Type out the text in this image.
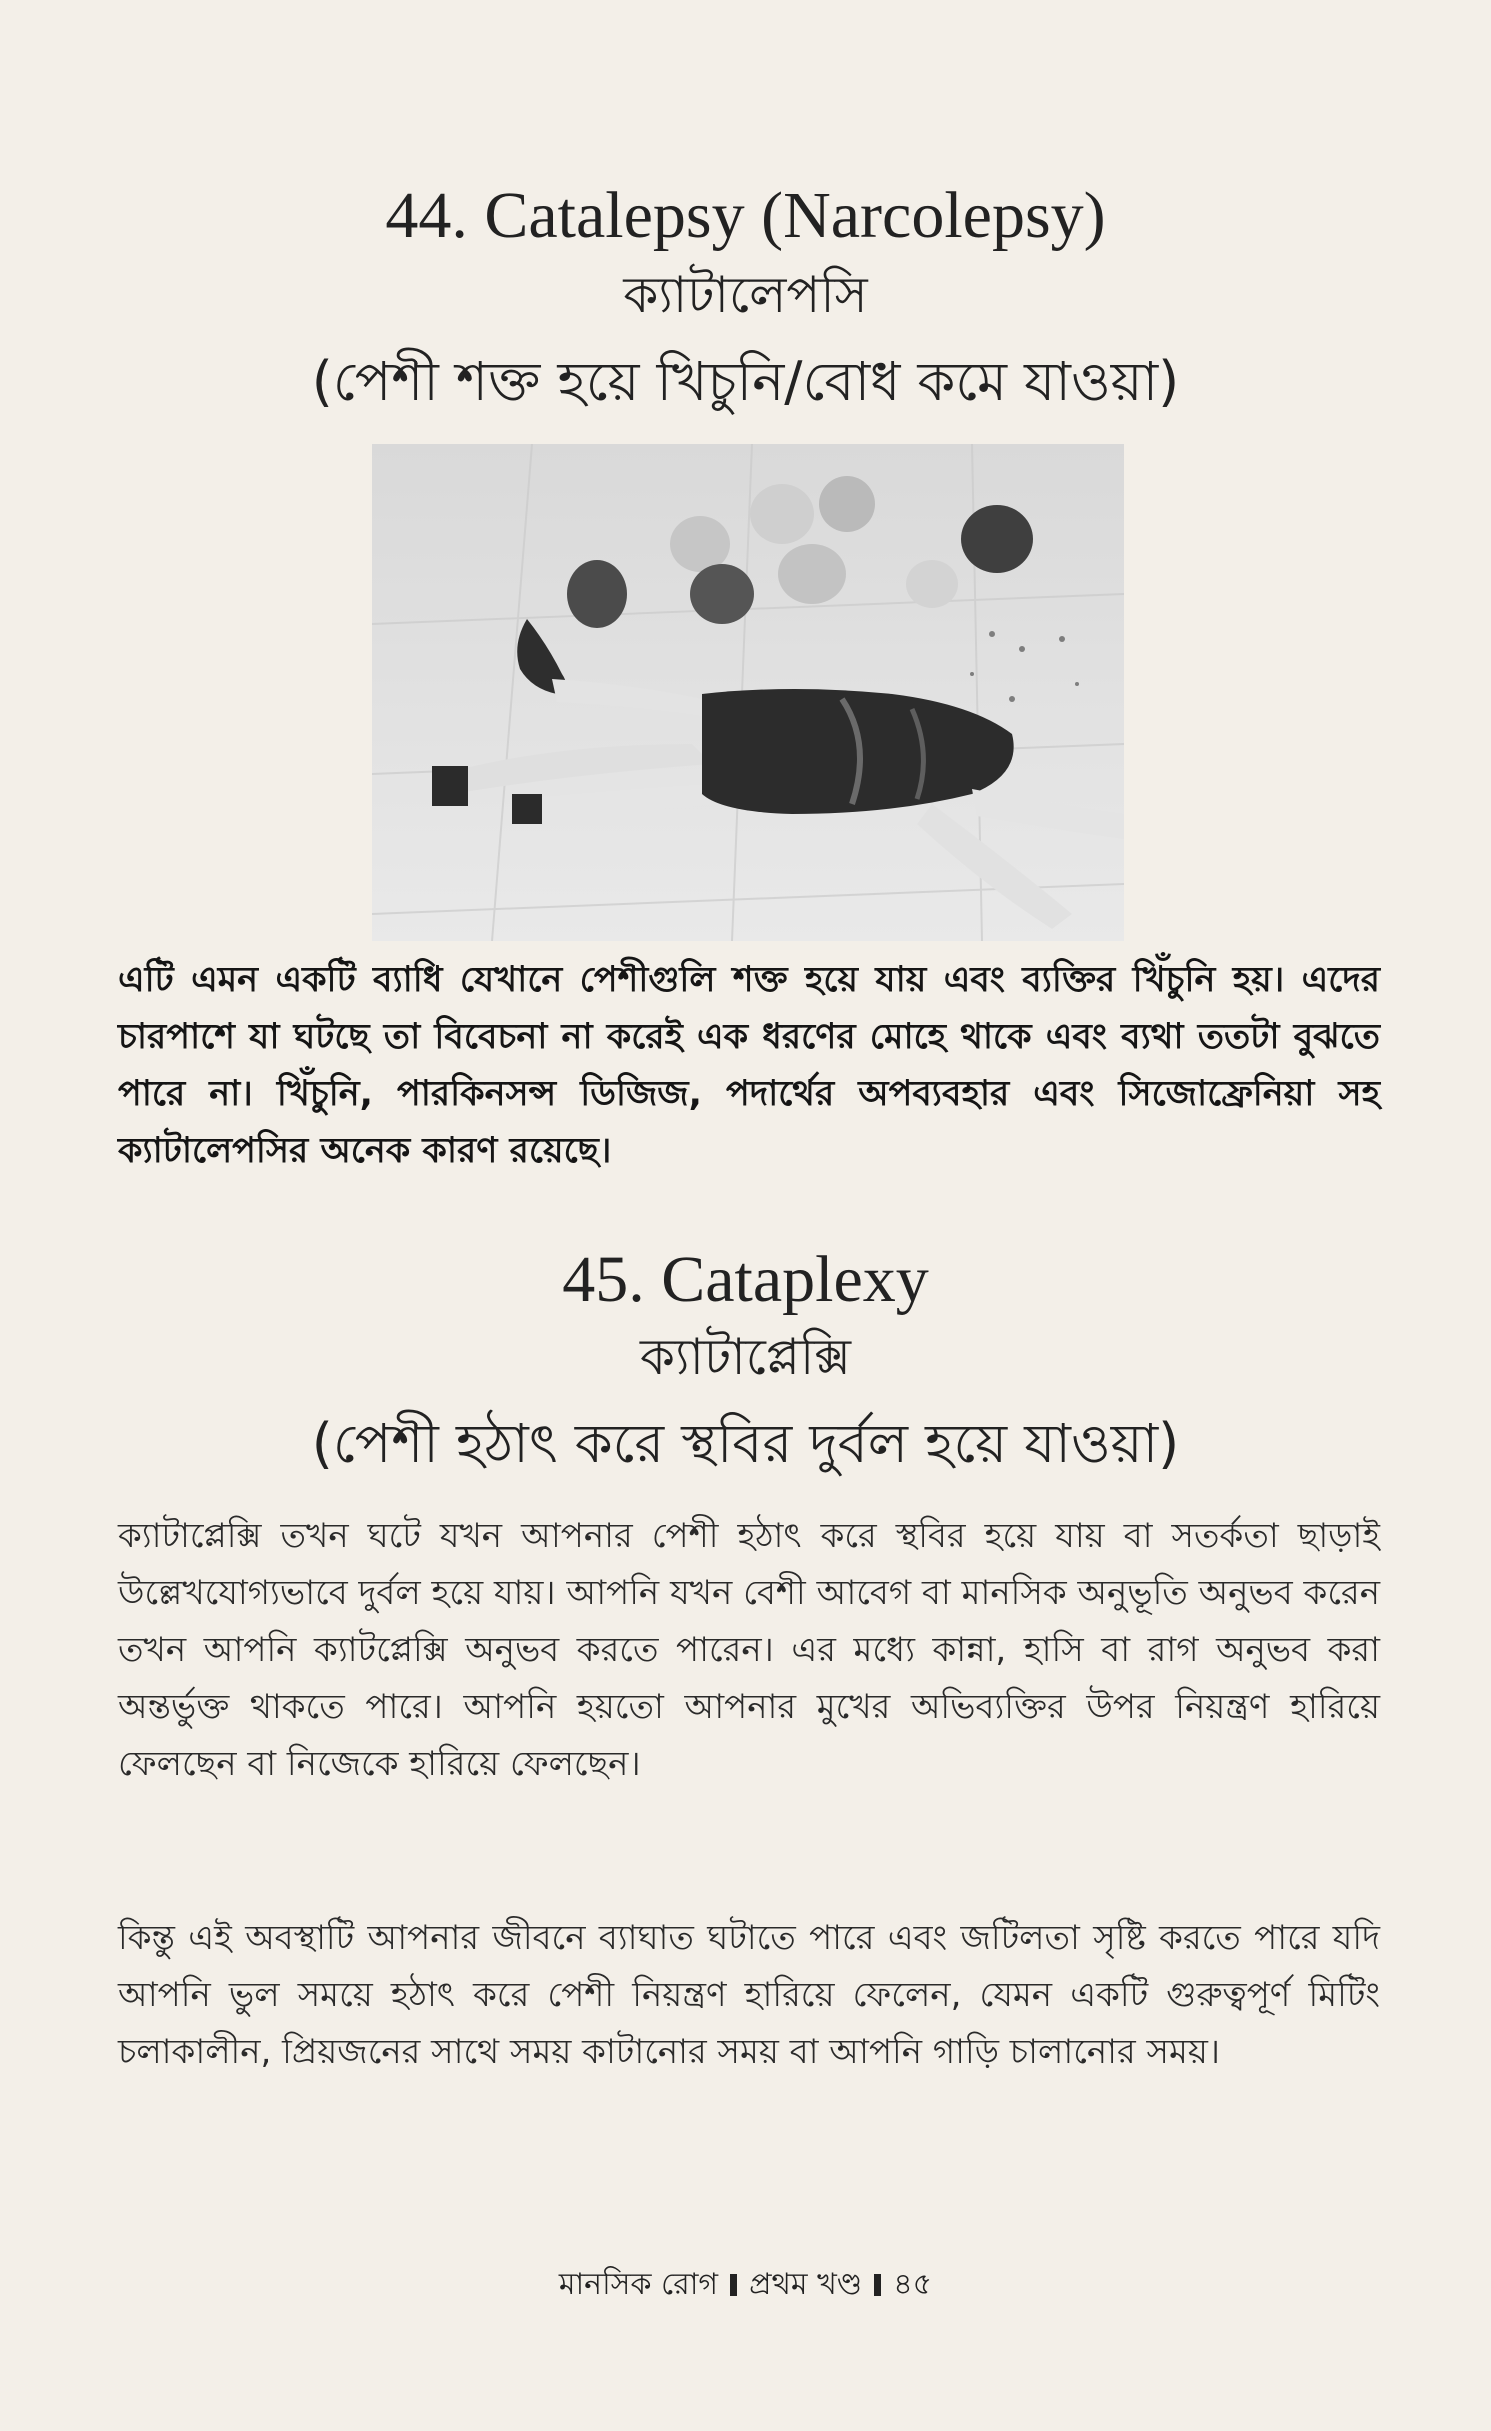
44. Catalepsy (Narcolepsy)
ক্যাটালেপসি
(পেশী শক্ত হয়ে খিচুনি/বোধ কমে যাওয়া)

এটি এমন একটি ব্যাধি যেখানে পেশীগুলি শক্ত হয়ে যায় এবং ব্যক্তির খিঁচুনি হয়। এদের চারপাশে যা ঘটছে তা বিবেচনা না করেই এক ধরণের মোহে থাকে এবং ব্যথা ততটা বুঝতে পারে না। খিঁচুনি, পারকিনসন্স ডিজিজ, পদার্থের অপব্যবহার এবং সিজোফ্রেনিয়া সহ ক্যাটালেপসির অনেক কারণ রয়েছে।

45. Cataplexy
ক্যাটাপ্লেক্সি
(পেশী হঠাৎ করে স্থবির দুর্বল হয়ে যাওয়া)

ক্যাটাপ্লেক্সি তখন ঘটে যখন আপনার পেশী হঠাৎ করে স্থবির হয়ে যায় বা সতর্কতা ছাড়াই উল্লেখযোগ্যভাবে দুর্বল হয়ে যায়। আপনি যখন বেশী আবেগ বা মানসিক অনুভূতি অনুভব করেন তখন আপনি ক্যাটপ্লেক্সি অনুভব করতে পারেন। এর মধ্যে কান্না, হাসি বা রাগ অনুভব করা অন্তর্ভুক্ত থাকতে পারে। আপনি হয়তো আপনার মুখের অভিব্যক্তির উপর নিয়ন্ত্রণ হারিয়ে ফেলছেন বা নিজেকে হারিয়ে ফেলছেন।

কিন্তু এই অবস্থাটি আপনার জীবনে ব্যাঘাত ঘটাতে পারে এবং জটিলতা সৃষ্টি করতে পারে যদি আপনি ভুল সময়ে হঠাৎ করে পেশী নিয়ন্ত্রণ হারিয়ে ফেলেন, যেমন একটি গুরুত্বপূর্ণ মিটিং চলাকালীন, প্রিয়জনের সাথে সময় কাটানোর সময় বা আপনি গাড়ি চালানোর সময়।

মানসিক রোগ প্রথম খণ্ড ৪৫
